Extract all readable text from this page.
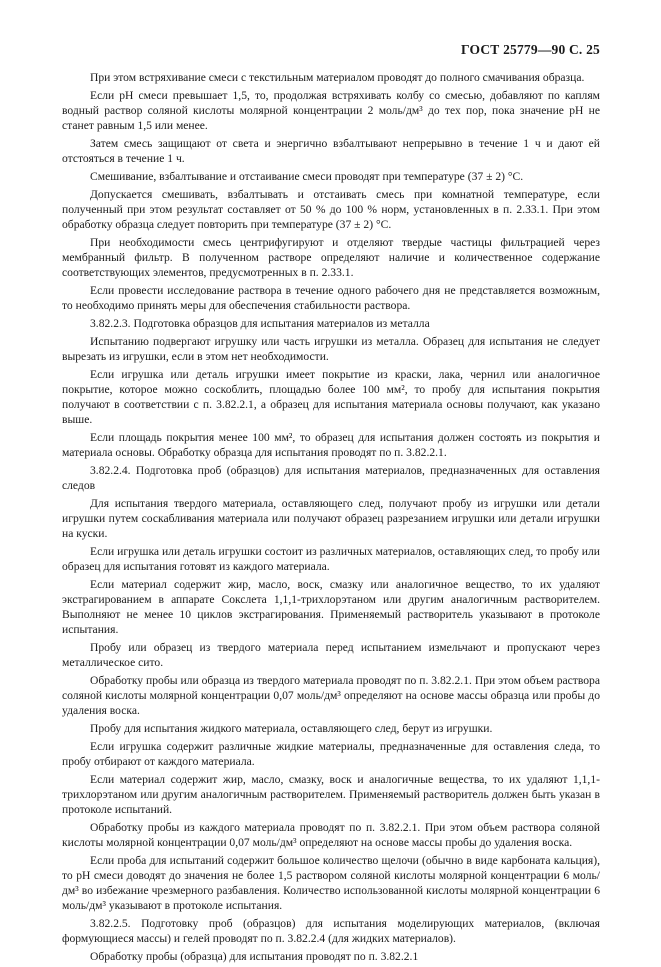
ГОСТ 25779—90 С. 25

При этом встряхивание смеси с текстильным материалом проводят до полного смачивания образца.

Если рН смеси превышает 1,5, то, продолжая встряхивать колбу со смесью, добавляют по каплям водный раствор соляной кислоты молярной концентрации 2 моль/дм³ до тех пор, пока значение рН не станет равным 1,5 или менее.

Затем смесь защищают от света и энергично взбалтывают непрерывно в течение 1 ч и дают ей отстояться в течение 1 ч.

Смешивание, взбалтывание и отстаивание смеси проводят при температуре (37 ± 2) °С.

Допускается смешивать, взбалтывать и отстаивать смесь при комнатной температуре, если полученный при этом результат составляет от 50 % до 100 % норм, установленных в п. 2.33.1. При этом обработку образца следует повторить при температуре (37 ± 2) °С.

При необходимости смесь центрифугируют и отделяют твердые частицы фильтрацией через мембранный фильтр. В полученном растворе определяют наличие и количественное содержание соответствующих элементов, предусмотренных в п. 2.33.1.

Если провести исследование раствора в течение одного рабочего дня не представляется возможным, то необходимо принять меры для обеспечения стабильности раствора.

3.82.2.3. Подготовка образцов для испытания материалов из металла

Испытанию подвергают игрушку или часть игрушки из металла. Образец для испытания не следует вырезать из игрушки, если в этом нет необходимости.

Если игрушка или деталь игрушки имеет покрытие из краски, лака, чернил или аналогичное покрытие, которое можно соскоблить, площадью более 100 мм², то пробу для испытания покрытия получают в соответствии с п. 3.82.2.1, а образец для испытания материала основы получают, как указано выше.

Если площадь покрытия менее 100 мм², то образец для испытания должен состоять из покрытия и материала основы. Обработку образца для испытания проводят по п. 3.82.2.1.

3.82.2.4. Подготовка проб (образцов) для испытания материалов, предназначенных для оставления следов

Для испытания твердого материала, оставляющего след, получают пробу из игрушки или детали игрушки путем соскабливания материала или получают образец разрезанием игрушки или детали игрушки на куски.

Если игрушка или деталь игрушки состоит из различных материалов, оставляющих след, то пробу или образец для испытания готовят из каждого материала.

Если материал содержит жир, масло, воск, смазку или аналогичное вещество, то их удаляют экстрагированием в аппарате Сокслета 1,1,1-трихлорэтаном или другим аналогичным растворителем. Выполняют не менее 10 циклов экстрагирования. Применяемый растворитель указывают в протоколе испытания.

Пробу или образец из твердого материала перед испытанием измельчают и пропускают через металлическое сито.

Обработку пробы или образца из твердого материала проводят по п. 3.82.2.1. При этом объем раствора соляной кислоты молярной концентрации 0,07 моль/дм³ определяют на основе массы образца или пробы до удаления воска.

Пробу для испытания жидкого материала, оставляющего след, берут из игрушки.

Если игрушка содержит различные жидкие материалы, предназначенные для оставления следа, то пробу отбирают от каждого материала.

Если материал содержит жир, масло, смазку, воск и аналогичные вещества, то их удаляют 1,1,1-трихлорэтаном или другим аналогичным растворителем. Применяемый растворитель должен быть указан в протоколе испытаний.

Обработку пробы из каждого материала проводят по п. 3.82.2.1. При этом объем раствора соляной кислоты молярной концентрации 0,07 моль/дм³ определяют на основе массы пробы до удаления воска.

Если проба для испытаний содержит большое количество щелочи (обычно в виде карбоната кальция), то рН смеси доводят до значения не более 1,5 раствором соляной кислоты молярной концентрации 6 моль/дм³ во избежание чрезмерного разбавления. Количество использованной кислоты молярной концентрации 6 моль/дм³ указывают в протоколе испытания.

3.82.2.5. Подготовку проб (образцов) для испытания моделирующих материалов, (включая формующиеся массы) и гелей проводят по п. 3.82.2.4 (для жидких материалов).

Обработку пробы (образца) для испытания проводят по п. 3.82.2.1
